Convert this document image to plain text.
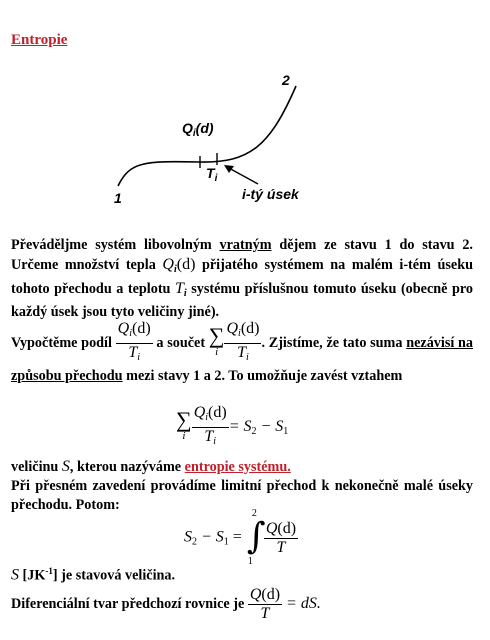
Entropie
$Q_i(d)$
$T_i$
1
2
i-tý úsek
Převáděljme systém libovolným vratným dějem ze stavu 1 do stavu 2. Určeme množství tepla $Q_i(d)$ přijatého systémem na malém i-tém úseku tohoto přechodu a teplotu $T_i$ systému příslušnou tomuto úseku (obecně pro každý úsek jsou tyto veličiny jiné).
Vypočtěme podíl $\frac{Q_i(d)}{T_i}$ a součet ∑
i $\frac{Q_i(d)}{T_i}$ . Zjistíme, že tato suma nezávisí na způsobu přechodu mezi stavy 1 a 2. To umožňuje zavést vztahem
∑
i $\frac{Q_i(d)}{T_i} = S_2 - S_1$
veličinu S, kterou nazýváme entropie systému.
Při přesném zavedení provádíme limitní přechod k nekonečně malé úseky přechodu. Potom:
$S_2 - S_1$ = ∫
2
1
$\frac{Q(d)}{T}$
S $[JK^{-1}]$ je stavová veličina.
Diferenciální tvar předchozí rovnice je $\frac{Q(d)}{T}$ = dS.
